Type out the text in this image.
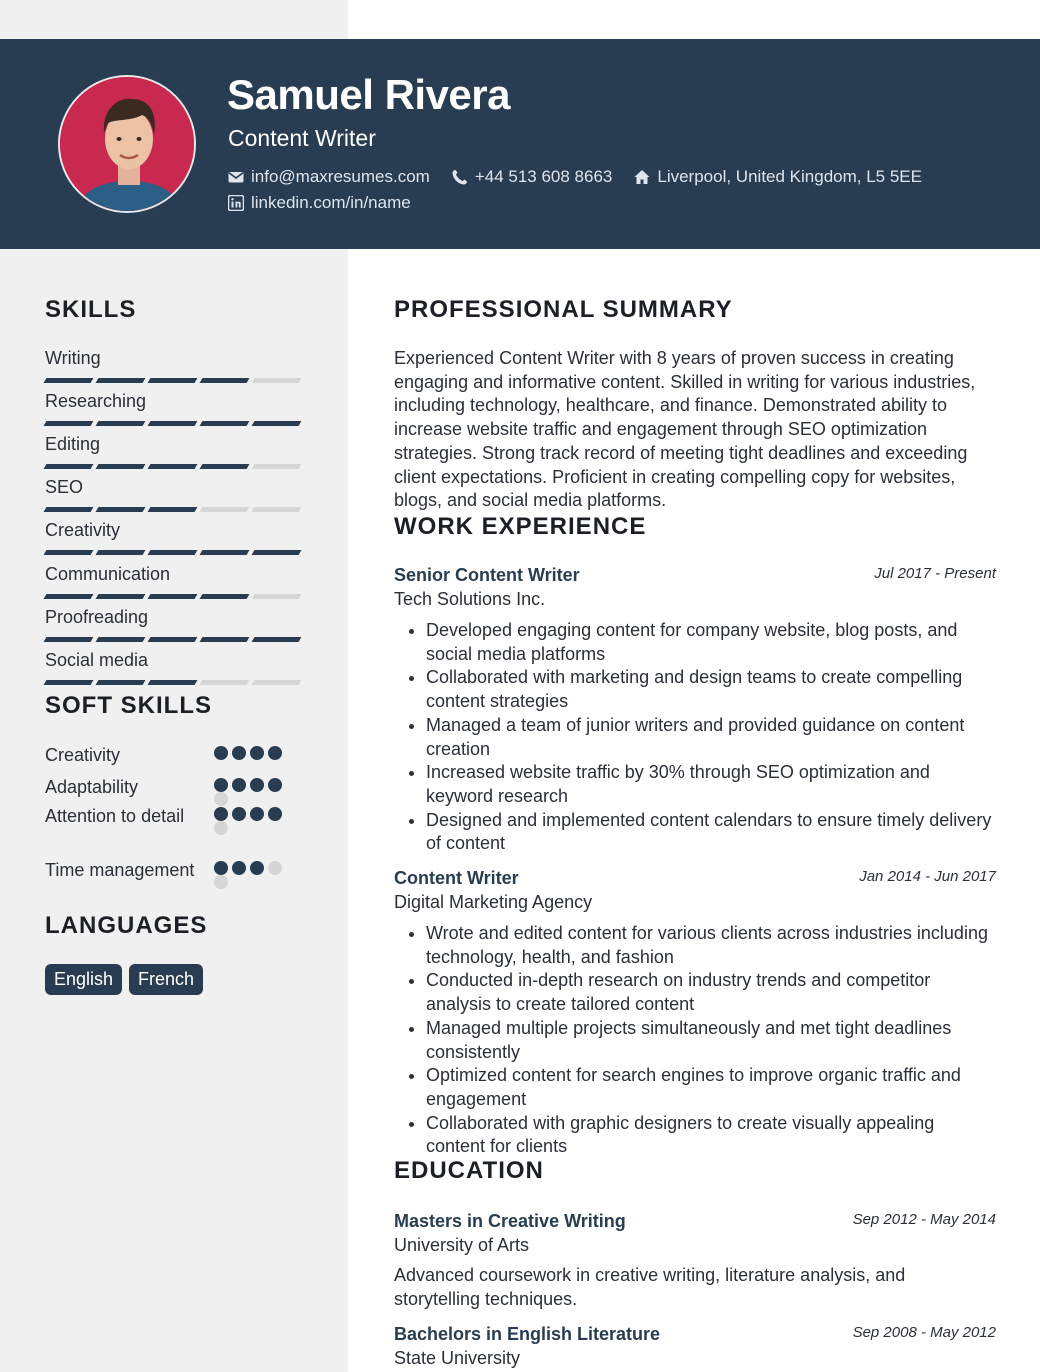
Samuel Rivera
Content Writer
info@maxresumes.com	+44 513 608 8663	Liverpool, United Kingdom, L5 5EE
linkedin.com/in/name
SKILLS
Writing
Researching
Editing
SEO
Creativity
Communication
Proofreading
Social media
SOFT SKILLS
Creativity
Adaptability
Attention to detail
Time management
LANGUAGES
English	French
PROFESSIONAL SUMMARY
Experienced Content Writer with 8 years of proven success in creating engaging and informative content. Skilled in writing for various industries, including technology, healthcare, and finance. Demonstrated ability to increase website traffic and engagement through SEO optimization strategies. Strong track record of meeting tight deadlines and exceeding client expectations. Proficient in creating compelling copy for websites, blogs, and social media platforms.
WORK EXPERIENCE
Senior Content Writer	Jul 2017 - Present
Tech Solutions Inc.
• Developed engaging content for company website, blog posts, and social media platforms
• Collaborated with marketing and design teams to create compelling content strategies
• Managed a team of junior writers and provided guidance on content creation
• Increased website traffic by 30% through SEO optimization and keyword research
• Designed and implemented content calendars to ensure timely delivery of content
Content Writer	Jan 2014 - Jun 2017
Digital Marketing Agency
• Wrote and edited content for various clients across industries including technology, health, and fashion
• Conducted in-depth research on industry trends and competitor analysis to create tailored content
• Managed multiple projects simultaneously and met tight deadlines consistently
• Optimized content for search engines to improve organic traffic and engagement
• Collaborated with graphic designers to create visually appealing content for clients
EDUCATION
Masters in Creative Writing	Sep 2012 - May 2014
University of Arts
Advanced coursework in creative writing, literature analysis, and storytelling techniques.
Bachelors in English Literature	Sep 2008 - May 2012
State University
